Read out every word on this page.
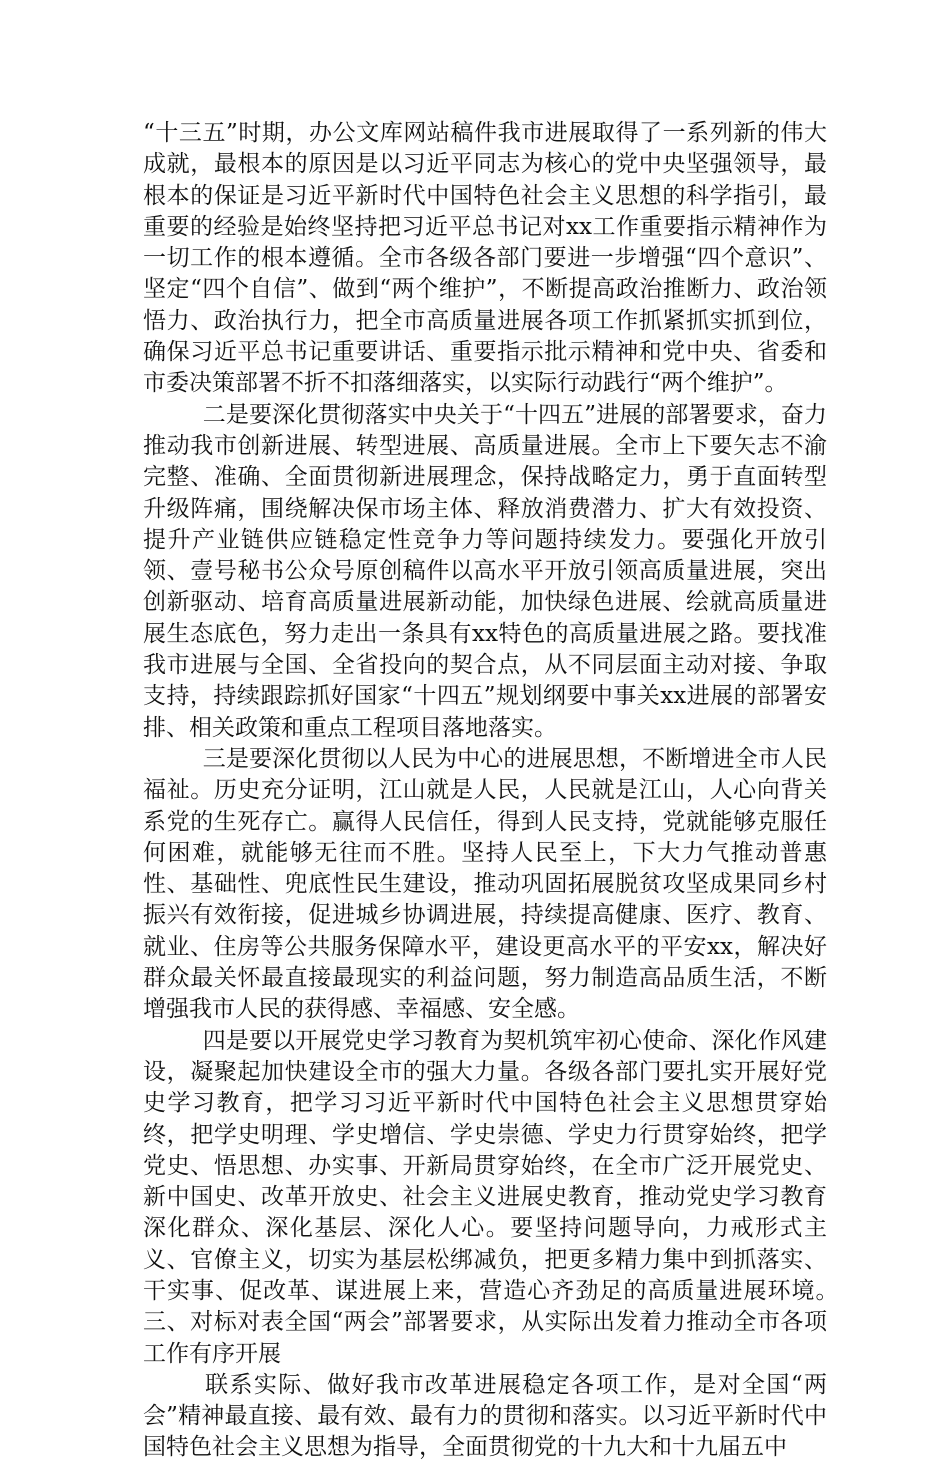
“十三五”时期，办公文库网站稿件我市进展取得了一系列新的伟大成就，最根本的原因是以习近平同志为核心的党中央坚强领导，最根本的保证是习近平新时代中国特色社会主义思想的科学指引，最重要的经验是始终坚持把习近平总书记对xx工作重要指示精神作为一切工作的根本遵循。全市各级各部门要进一步增强“四个意识”、坚定“四个自信”、做到“两个维护”，不断提高政治推断力、政治领悟力、政治执行力，把全市高质量进展各项工作抓紧抓实抓到位，确保习近平总书记重要讲话、重要指示批示精神和党中央、省委和市委决策部署不折不扣落细落实，以实际行动践行“两个维护”。

二是要深化贯彻落实中央关于“十四五”进展的部署要求，奋力推动我市创新进展、转型进展、高质量进展。全市上下要矢志不渝完整、准确、全面贯彻新进展理念，保持战略定力，勇于直面转型升级阵痛，围绕解决保市场主体、释放消费潜力、扩大有效投资、提升产业链供应链稳定性竞争力等问题持续发力。要强化开放引领、壹号秘书公众号原创稿件以高水平开放引领高质量进展，突出创新驱动、培育高质量进展新动能，加快绿色进展、绘就高质量进展生态底色，努力走出一条具有xx特色的高质量进展之路。要找准我市进展与全国、全省投向的契合点，从不同层面主动对接、争取支持，持续跟踪抓好国家“十四五”规划纲要中事关xx进展的部署安排、相关政策和重点工程项目落地落实。

三是要深化贯彻以人民为中心的进展思想，不断增进全市人民福祉。历史充分证明，江山就是人民，人民就是江山，人心向背关系党的生死存亡。赢得人民信任，得到人民支持，党就能够克服任何困难，就能够无往而不胜。坚持人民至上，下大力气推动普惠性、基础性、兜底性民生建设，推动巩固拓展脱贫攻坚成果同乡村振兴有效衔接，促进城乡协调进展，持续提高健康、医疗、教育、就业、住房等公共服务保障水平，建设更高水平的平安xx，解决好群众最关怀最直接最现实的利益问题，努力制造高品质生活，不断增强我市人民的获得感、幸福感、安全感。

四是要以开展党史学习教育为契机筑牢初心使命、深化作风建设，凝聚起加快建设全市的强大力量。各级各部门要扎实开展好党史学习教育，把学习习近平新时代中国特色社会主义思想贯穿始终，把学史明理、学史增信、学史崇德、学史力行贯穿始终，把学党史、悟思想、办实事、开新局贯穿始终，在全市广泛开展党史、新中国史、改革开放史、社会主义进展史教育，推动党史学习教育深化群众、深化基层、深化人心。要坚持问题导向，力戒形式主义、官僚主义，切实为基层松绑减负，把更多精力集中到抓落实、干实事、促改革、谋进展上来，营造心齐劲足的高质量进展环境。　　三、对标对表全国“两会”部署要求，从实际出发着力推动全市各项工作有序开展

联系实际、做好我市改革进展稳定各项工作，是对全国“两会”精神最直接、最有效、最有力的贯彻和落实。以习近平新时代中国特色社会主义思想为指导，全面贯彻党的十九大和十九届五中
